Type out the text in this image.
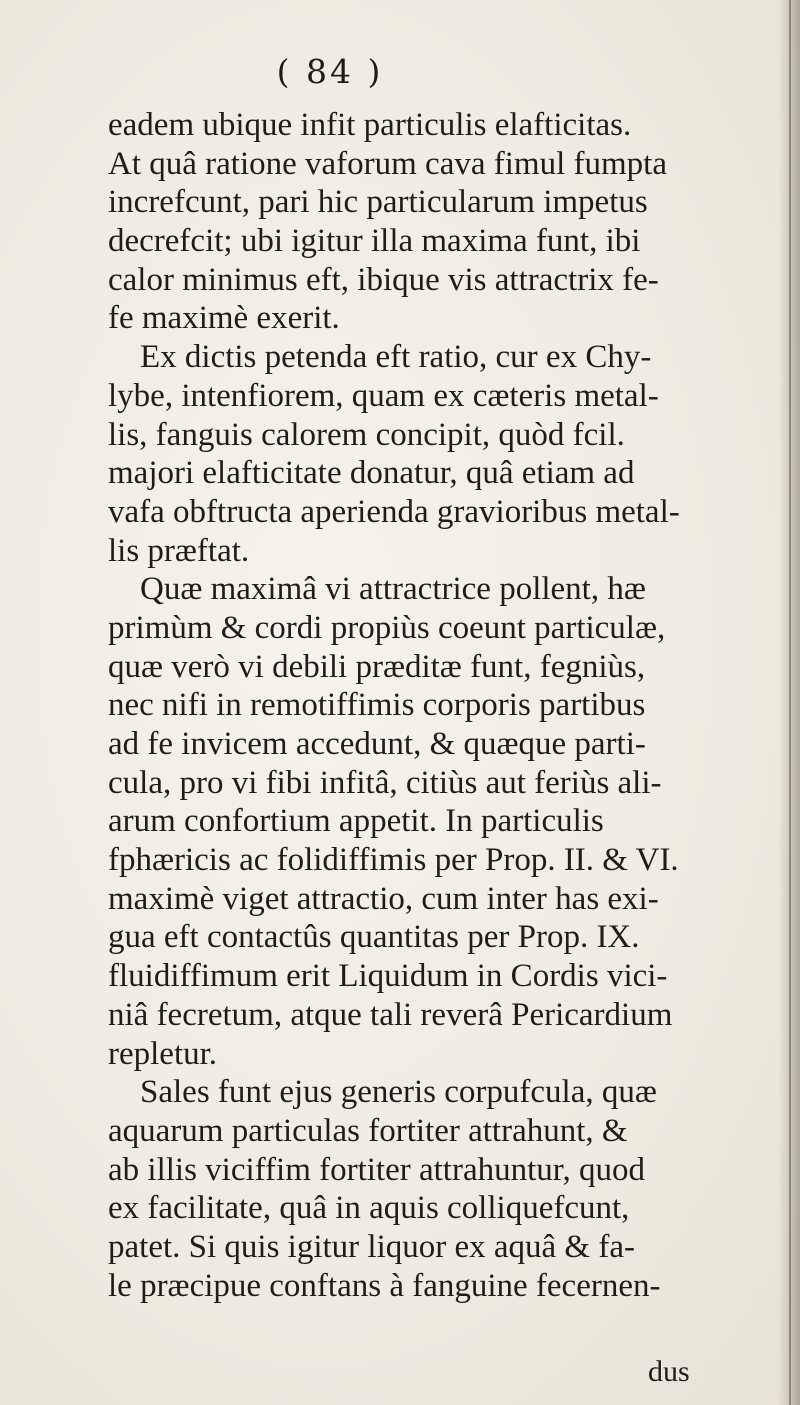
( 84 )
eadem ubique infit particulis elafticitas.
At quâ ratione vaforum cava fimul fumpta
increfcunt, pari hic particularum impetus
decrefcit; ubi igitur illa maxima funt, ibi
calor minimus eft, ibique vis attractrix fe-
fe maximè exerit.
Ex dictis petenda eft ratio, cur ex Chy-
lybe, intenfiorem, quam ex cæteris metal-
lis, fanguis calorem concipit, quòd fcil.
majori elafticitate donatur, quâ etiam ad
vafa obftructa aperienda gravioribus metal-
lis præftat.
Quæ maximâ vi attractrice pollent, hæ
primùm & cordi propiùs coeunt particulæ,
quæ verò vi debili præditæ funt, fegniùs,
nec nifi in remotiffimis corporis partibus
ad fe invicem accedunt, & quæque parti-
cula, pro vi fibi infitâ, citiùs aut feriùs ali-
arum confortium appetit. In particulis
fphæricis ac folidiffimis per Prop. II. & VI.
maximè viget attractio, cum inter has exi-
gua eft contactûs quantitas per Prop. IX.
fluidiffimum erit Liquidum in Cordis vici-
niâ fecretum, atque tali reverâ Pericardium
repletur.
Sales funt ejus generis corpufcula, quæ
aquarum particulas fortiter attrahunt, &
ab illis viciffim fortiter attrahuntur, quod
ex facilitate, quâ in aquis colliquefcunt,
patet. Si quis igitur liquor ex aquâ & fa-
le præcipue conftans à fanguine fecernen-
dus
